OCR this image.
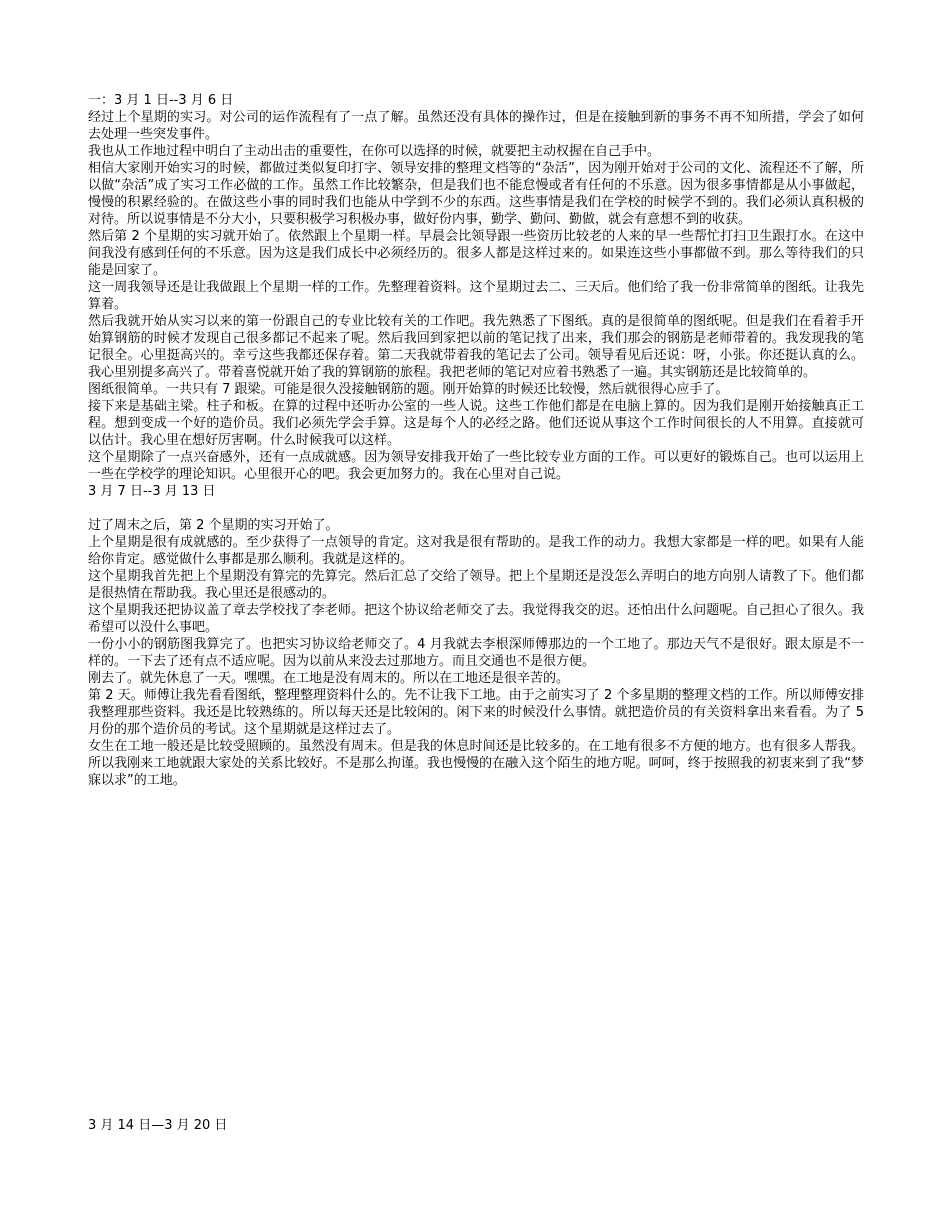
一：3 月 1 日--3 月 6 日

经过上个星期的实习。对公司的运作流程有了一点了解。虽然还没有具体的操作过，但是在接触到新的事务不再不知所措，学会了如何去处理一些突发事件。

我也从工作地过程中明白了主动出击的重要性，在你可以选择的时候，就要把主动权握在自己手中。

相信大家刚开始实习的时候，都做过类似复印打字、领导安排的整理文档等的“杂活”，因为刚开始对于公司的文化、流程还不了解，所以做“杂活”成了实习工作必做的工作。虽然工作比较繁杂，但是我们也不能怠慢或者有任何的不乐意。因为很多事情都是从小事做起，慢慢的积累经验的。在做这些小事的同时我们也能从中学到不少的东西。这些事情是我们在学校的时候学不到的。我们必须认真积极的对待。所以说事情是不分大小，只要积极学习积极办事，做好份内事，勤学、勤问、勤做，就会有意想不到的收获。

然后第 2 个星期的实习就开始了。依然跟上个星期一样。早晨会比领导跟一些资历比较老的人来的早一些帮忙打扫卫生跟打水。在这中间我没有感到任何的不乐意。因为这是我们成长中必须经历的。很多人都是这样过来的。如果连这些小事都做不到。那么等待我们的只能是回家了。

这一周我领导还是让我做跟上个星期一样的工作。先整理着资料。这个星期过去二、三天后。他们给了我一份非常简单的图纸。让我先算着。

然后我就开始从实习以来的第一份跟自己的专业比较有关的工作吧。我先熟悉了下图纸。真的是很简单的图纸呢。但是我们在看着手开始算钢筋的时候才发现自己很多都记不起来了呢。然后我回到家把以前的笔记找了出来，我们那会的钢筋是老师带着的。我发现我的笔记很全。心里挺高兴的。幸亏这些我都还保存着。第二天我就带着我的笔记去了公司。领导看见后还说：呀，小张。你还挺认真的么。我心里别提多高兴了。带着喜悦就开始了我的算钢筋的旅程。我把老师的笔记对应着书熟悉了一遍。其实钢筋还是比较简单的。

图纸很简单。一共只有 7 跟梁。可能是很久没接触钢筋的题。刚开始算的时候还比较慢，然后就很得心应手了。

接下来是基础主梁。柱子和板。在算的过程中还听办公室的一些人说。这些工作他们都是在电脑上算的。因为我们是刚开始接触真正工程。想到变成一个好的造价员。我们必须先学会手算。这是每个人的必经之路。他们还说从事这个工作时间很长的人不用算。直接就可以估计。我心里在想好厉害啊。什么时候我可以这样。

这个星期除了一点兴奋感外，还有一点成就感。因为领导安排我开始了一些比较专业方面的工作。可以更好的锻炼自己。也可以运用上一些在学校学的理论知识。心里很开心的吧。我会更加努力的。我在心里对自己说。

3 月 7 日--3 月 13 日

过了周末之后，第 2 个星期的实习开始了。

上个星期是很有成就感的。至少获得了一点领导的肯定。这对我是很有帮助的。是我工作的动力。我想大家都是一样的吧。如果有人能给你肯定。感觉做什么事都是那么顺利。我就是这样的。

这个星期我首先把上个星期没有算完的先算完。然后汇总了交给了领导。把上个星期还是没怎么弄明白的地方向别人请教了下。他们都是很热情在帮助我。我心里还是很感动的。

这个星期我还把协议盖了章去学校找了李老师。把这个协议给老师交了去。我觉得我交的迟。还怕出什么问题呢。自己担心了很久。我希望可以没什么事吧。

一份小小的钢筋图我算完了。也把实习协议给老师交了。4 月我就去李根深师傅那边的一个工地了。那边天气不是很好。跟太原是不一样的。一下去了还有点不适应呢。因为以前从来没去过那地方。而且交通也不是很方便。

刚去了。就先休息了一天。嘿嘿。在工地是没有周末的。所以在工地还是很辛苦的。

第 2 天。师傅让我先看看图纸，整理整理资料什么的。先不让我下工地。由于之前实习了 2 个多星期的整理文档的工作。所以师傅安排我整理那些资料。我还是比较熟练的。所以每天还是比较闲的。闲下来的时候没什么事情。就把造价员的有关资料拿出来看看。为了 5 月份的那个造价员的考试。这个星期就是这样过去了。

女生在工地一般还是比较受照顾的。虽然没有周末。但是我的休息时间还是比较多的。在工地有很多不方便的地方。也有很多人帮我。所以我刚来工地就跟大家处的关系比较好。不是那么拘谨。我也慢慢的在融入这个陌生的地方呢。呵呵，终于按照我的初衷来到了我“梦寐以求”的工地。

3 月 14 日—3 月 20 日
